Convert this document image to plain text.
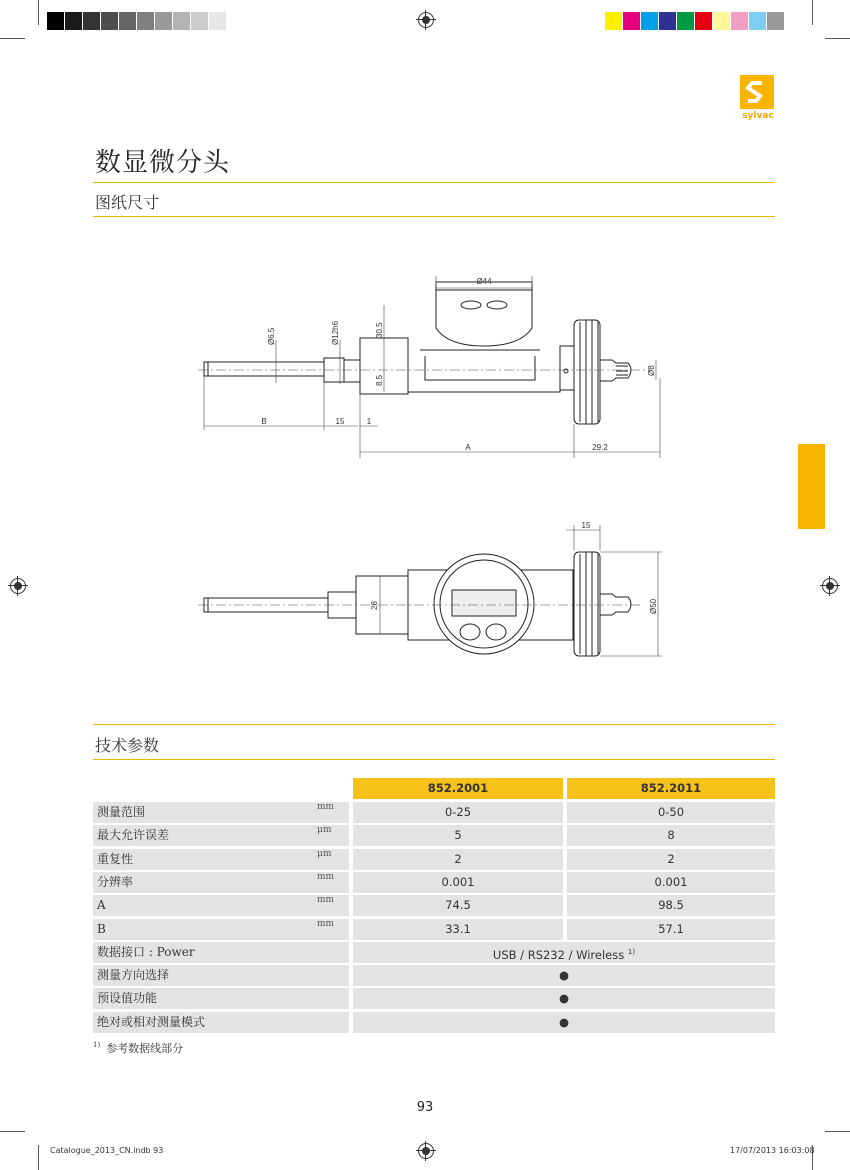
sylvac
数显微分头
图纸尺寸
Ø44
Ø6.5	Ø12h6	30.5
8.5
B	15	1
A	29.2
Ø8
15
28	Ø50
技术参数
852.2001	852.2011
测量范围	mm	0-25	0-50
最大允许误差	μm	5	8
重复性	μm	2	2
分辨率	mm	0.001	0.001
A	mm	74.5	98.5
B	mm	33.1	57.1
数据接口 : Power	USB / RS232 / Wireless $^{1)}$
测量方向选择	●
预设值功能	●
绝对或相对测量模式	●
$^{1)}$ 参考数据线部分
93
Catalogue_2013_CN.indb 93	17/07/2013 16:03:08
